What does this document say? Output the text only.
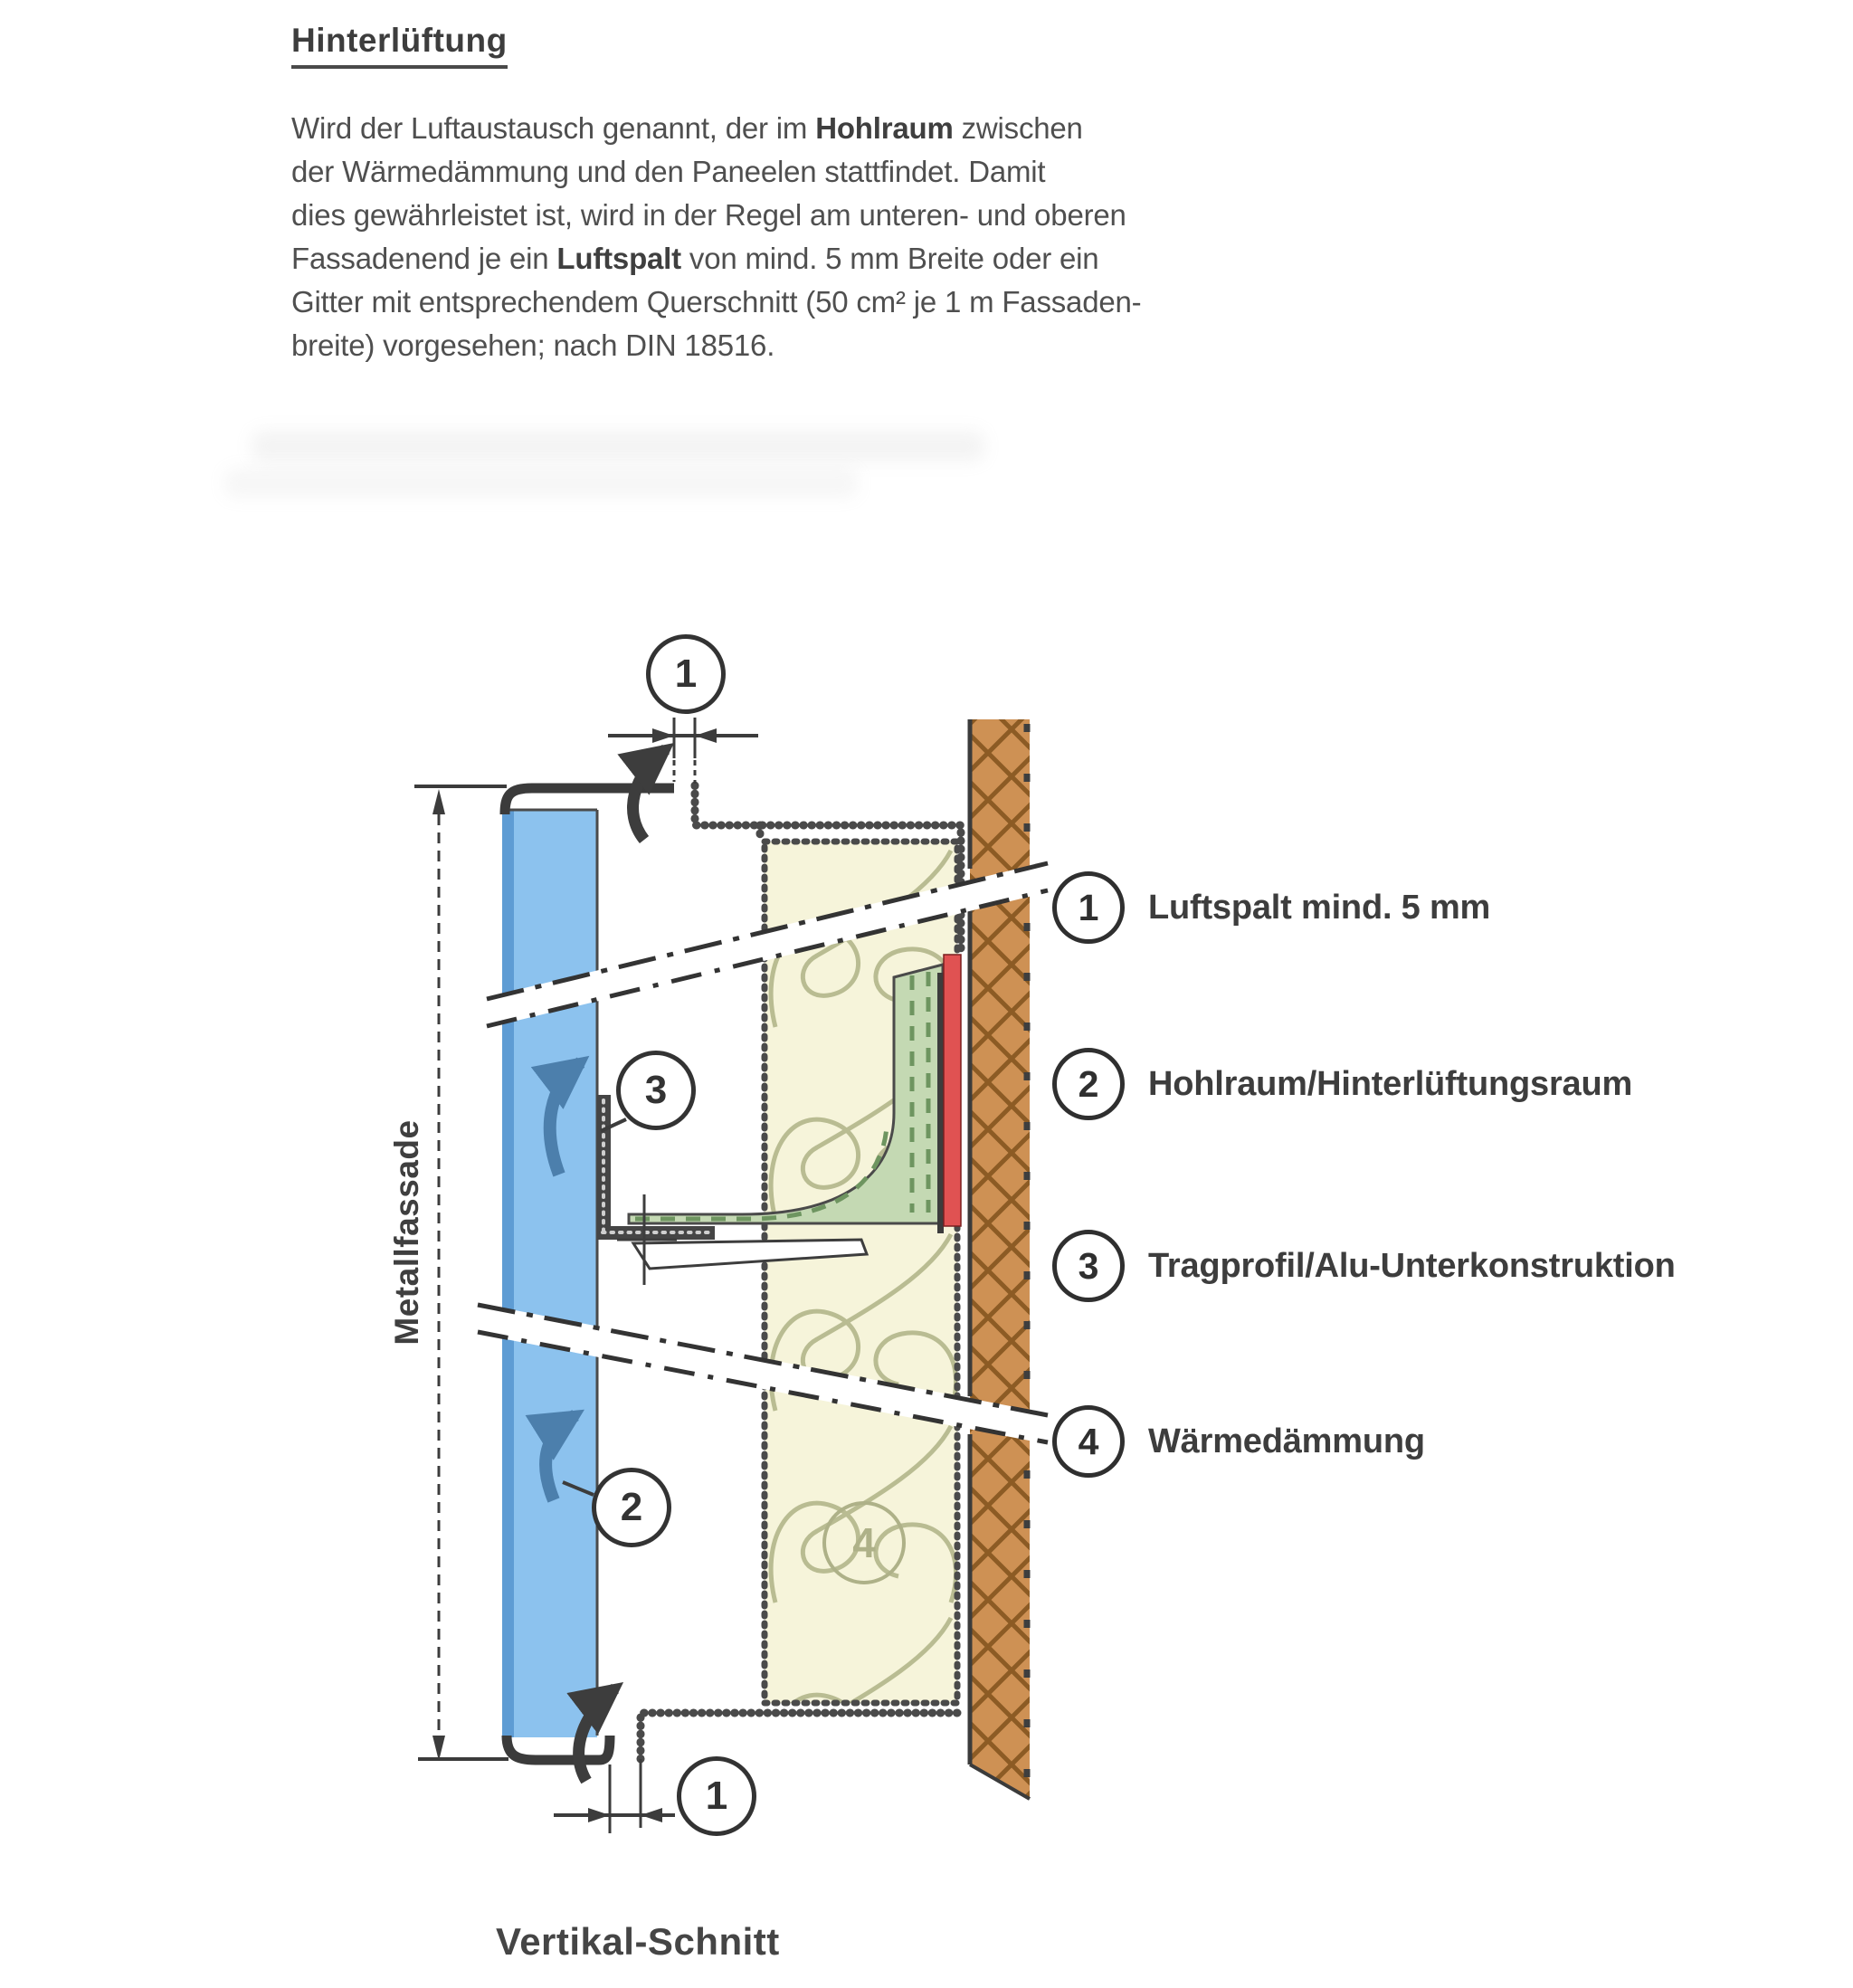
Hinterlüftung
Wird der Luftaustausch genannt, der im Hohlraum zwischen
der Wärmedämmung und den Paneelen stattfindet. Damit
dies gewährleistet ist, wird in der Regel am unteren- und oberen
Fassadenend je ein Luftspalt von mind. 5 mm Breite oder ein
Gitter mit entsprechendem Querschnitt (50 cm² je 1 m Fassaden-
breite) vorgesehen; nach DIN 18516.
Metallfassade
1
3
2
4
1
1	Luftspalt mind. 5 mm
2	Hohlraum/Hinterlüftungsraum
3	Tragprofil/Alu-Unterkonstruktion
4	Wärmedämmung
Vertikal-Schnitt
